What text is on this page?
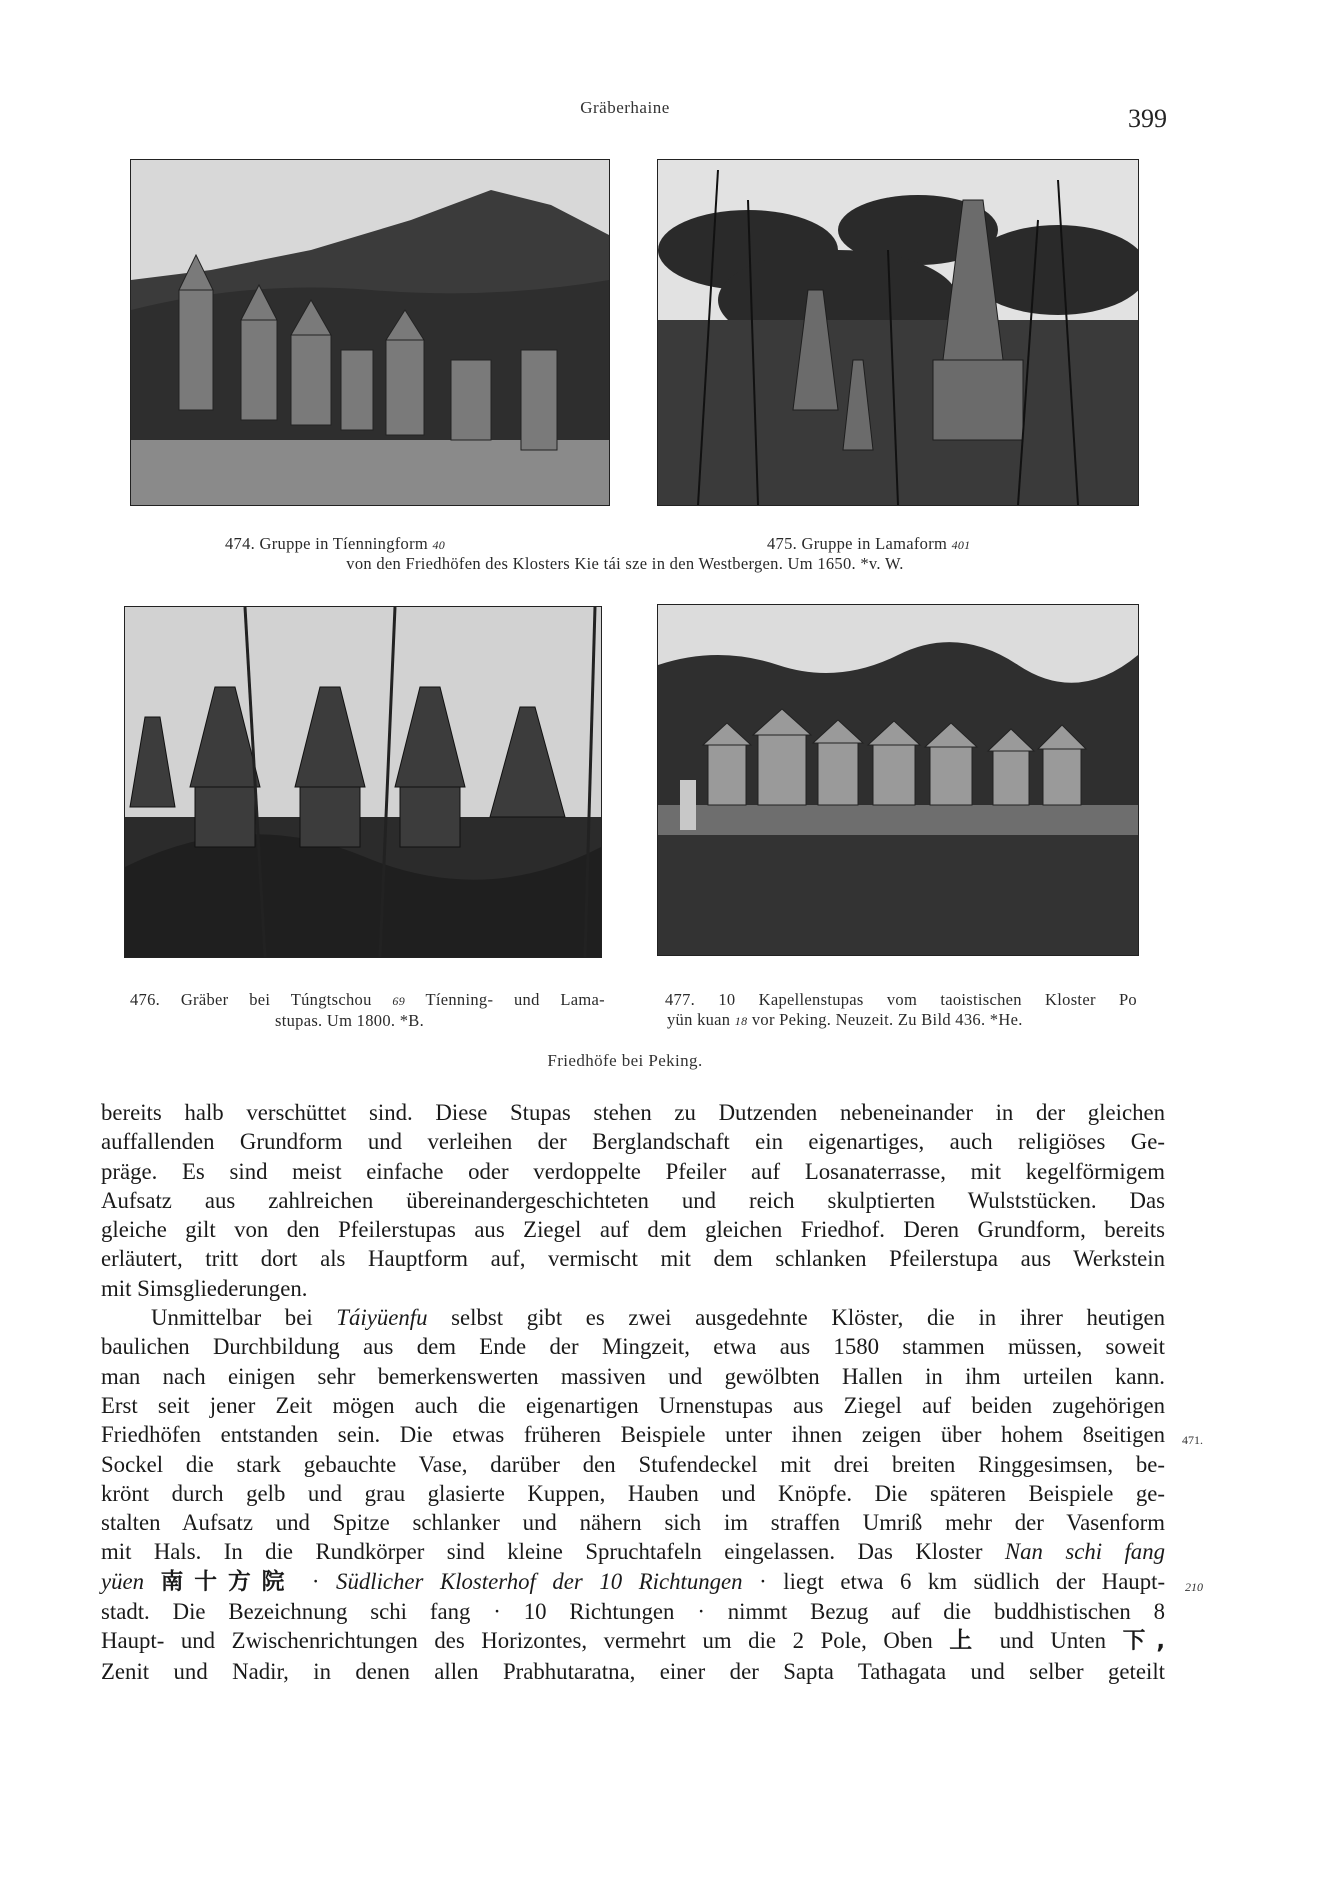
Gräberhaine	399
474. Gruppe in Tíenningform 40	475. Gruppe in Lamaform 401
von den Friedhöfen des Klosters Kie tái sze in den Westbergen. Um 1650. *v. W.
476. Gräber bei Túngtschou 69 Tíenning- und Lama-
stupas. Um 1800. *B.
477. 10 Kapellenstupas vom taoistischen Kloster Po
yün kuan 18 vor Peking. Neuzeit. Zu Bild 436. *He.
Friedhöfe bei Peking.

bereits halb verschüttet sind. Diese Stupas stehen zu Dutzenden nebeneinander in der gleichen

auffallenden Grundform und verleihen der Berglandschaft ein eigenartiges, auch religiöses Ge-

präge. Es sind meist einfache oder verdoppelte Pfeiler auf Losanaterrasse, mit kegelförmigem

Aufsatz aus zahlreichen übereinandergeschichteten und reich skulptierten Wulststücken. Das

gleiche gilt von den Pfeilerstupas aus Ziegel auf dem gleichen Friedhof. Deren Grundform, bereits

erläutert, tritt dort als Hauptform auf, vermischt mit dem schlanken Pfeilerstupa aus Werkstein

mit Simsgliederungen.

Unmittelbar bei Táiyüenfu selbst gibt es zwei ausgedehnte Klöster, die in ihrer heutigen

baulichen Durchbildung aus dem Ende der Mingzeit, etwa aus 1580 stammen müssen, soweit

man nach einigen sehr bemerkenswerten massiven und gewölbten Hallen in ihm urteilen kann.

Erst seit jener Zeit mögen auch die eigenartigen Urnenstupas aus Ziegel auf beiden zugehörigen

Friedhöfen entstanden sein. Die etwas früheren Beispiele unter ihnen zeigen über hohem 8seitigen 471.

Sockel die stark gebauchte Vase, darüber den Stufendeckel mit drei breiten Ringgesimsen, be-

krönt durch gelb und grau glasierte Kuppen, Hauben und Knöpfe. Die späteren Beispiele ge-

stalten Aufsatz und Spitze schlanker und nähern sich im straffen Umriß mehr der Vasenform

mit Hals. In die Rundkörper sind kleine Spruchtafeln eingelassen. Das Kloster Nan schi fang

yüen 南十方院 · Südlicher Klosterhof der 10 Richtungen · liegt etwa 6 km südlich der Haupt- 210

stadt. Die Bezeichnung schi fang · 10 Richtungen · nimmt Bezug auf die buddhistischen 8

Haupt- und Zwischenrichtungen des Horizontes, vermehrt um die 2 Pole, Oben 上 und Unten 下,

Zenit und Nadir, in denen allen Prabhutaratna, einer der Sapta Tathagata und selber geteilt
